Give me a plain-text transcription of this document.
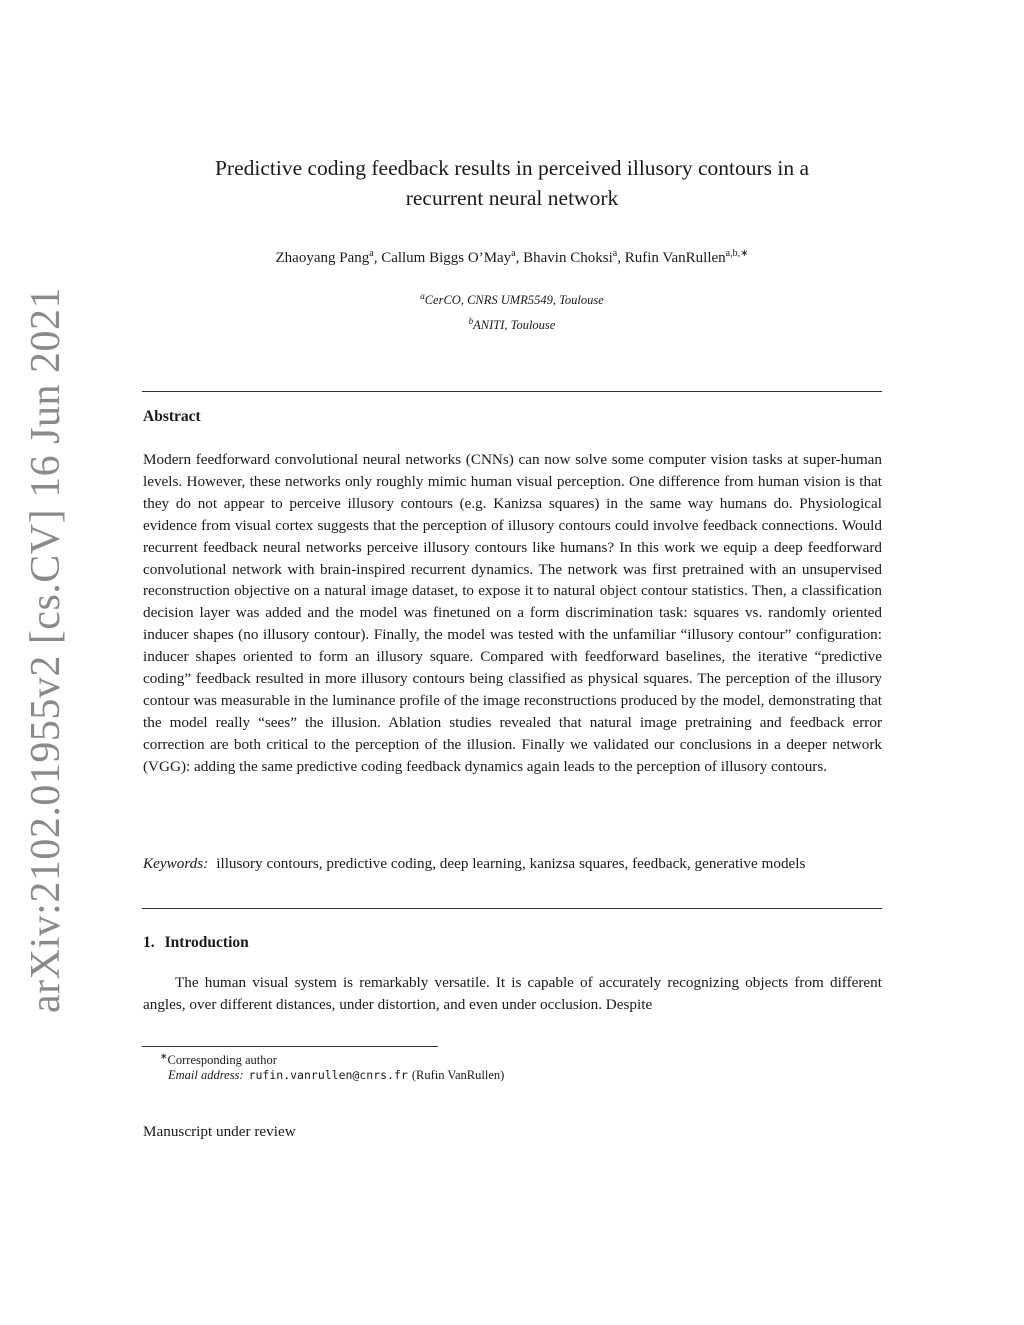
arXiv:2102.01955v2 [cs.CV] 16 Jun 2021
Predictive coding feedback results in perceived illusory contours in a
recurrent neural network
Zhaoyang Pang$^a$, Callum Biggs O’May$^a$, Bhavin Choksi$^a$, Rufin VanRullen$^{a,b,∗}$
$^a$CerCO, CNRS UMR5549, Toulouse
$^b$ANITI, Toulouse
Abstract
Modern feedforward convolutional neural networks (CNNs) can now solve some computer vision tasks at super-human levels. However, these networks only roughly mimic human visual perception. One difference from human vision is that they do not appear to perceive illusory contours (e.g. Kanizsa squares) in the same way humans do. Physiological evidence from visual cortex suggests that the perception of illusory contours could involve feedback connections. Would recurrent feedback neural networks perceive illusory contours like humans? In this work we equip a deep feedforward convolutional network with brain-inspired recurrent dynamics. The network was first pretrained with an unsupervised reconstruction objective on a natural image dataset, to expose it to natural object contour statistics. Then, a classification decision layer was added and the model was finetuned on a form discrimination task: squares vs. randomly oriented inducer shapes (no illusory contour). Finally, the model was tested with the unfamiliar “illusory contour” configuration: inducer shapes oriented to form an illusory square. Compared with feedforward baselines, the iterative “predictive coding” feedback resulted in more illusory contours being classified as physical squares. The perception of the illusory contour was measurable in the luminance profile of the image reconstructions produced by the model, demonstrating that the model really “sees” the illusion. Ablation studies revealed that natural image pretraining and feedback error correction are both critical to the perception of the illusion. Finally we validated our conclusions in a deeper network (VGG): adding the same predictive coding feedback dynamics again leads to the perception of illusory contours.
Keywords: illusory contours, predictive coding, deep learning, kanizsa squares, feedback, generative models
1. Introduction
The human visual system is remarkably versatile. It is capable of accurately recognizing objects from different angles, over different distances, under distortion, and even under occlusion. Despite
∗Corresponding author
Email address: rufin.vanrullen@cnrs.fr (Rufin VanRullen)
Manuscript under review
